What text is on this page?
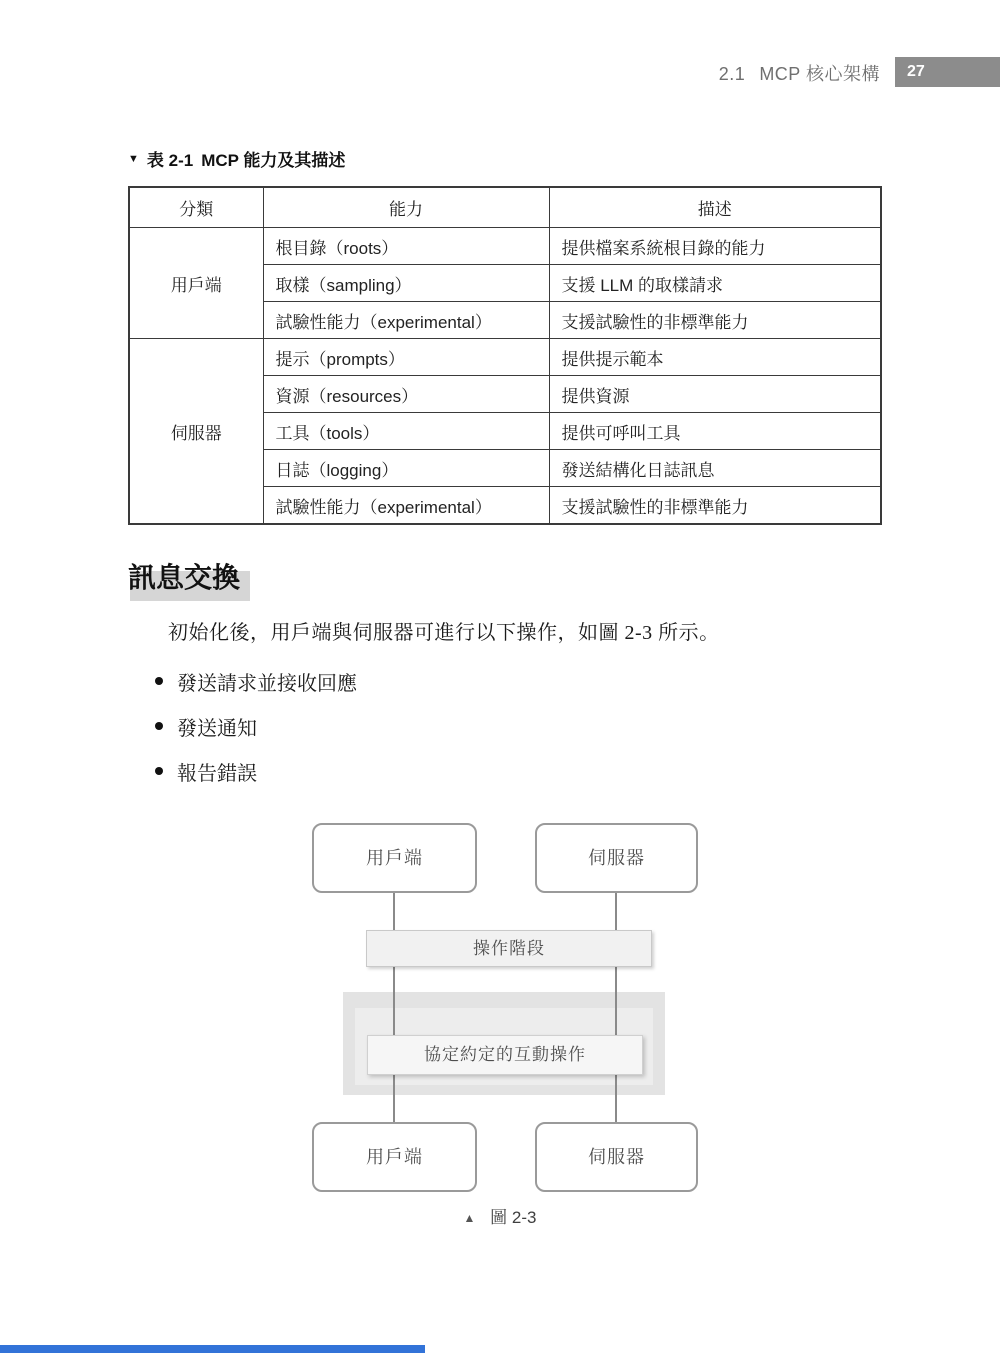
2.1 MCP 核心架構	27
▼ 表 2-1 MCP 能力及其描述
分類	能力	描述
用戶端	根目錄（roots）	提供檔案系統根目錄的能力
	取樣（sampling）	支援 LLM 的取樣請求
	試驗性能力（experimental）	支援試驗性的非標準能力
伺服器	提示（prompts）	提供提示範本
	資源（resources）	提供資源
	工具（tools）	提供可呼叫工具
	日誌（logging）	發送結構化日誌訊息
	試驗性能力（experimental）	支援試驗性的非標準能力
訊息交換
初始化後，用戶端與伺服器可進行以下操作，如圖 2-3 所示。
發送請求並接收回應
發送通知
報告錯誤
用戶端	伺服器
操作階段
協定約定的互動操作
用戶端	伺服器
▲ 圖 2-3
